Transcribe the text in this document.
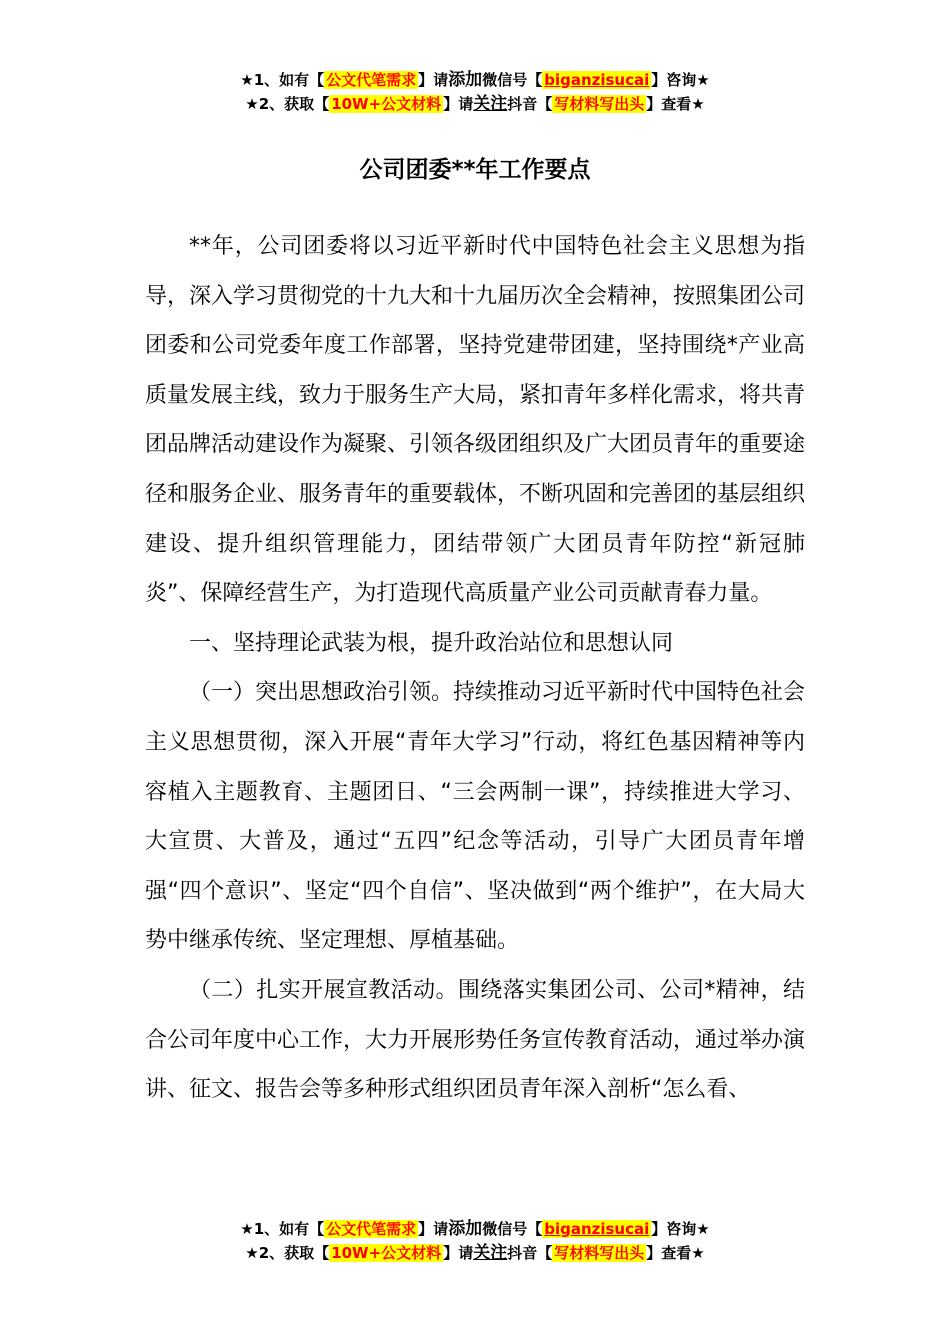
★1、如有【 公文代笔需求 】请添加微信号【 biganzisucai 】咨询★
★2、获取【 10W+公文材料 】请关注抖音【 写材料写出头 】查看★
公司团委**年工作要点

**年，公司团委将以习近平新时代中国特色社会主义思想为指导，深入学习贯彻党的十九大和十九届历次全会精神，按照集团公司团委和公司党委年度工作部署，坚持党建带团建，坚持围绕*产业高质量发展主线，致力于服务生产大局，紧扣青年多样化需求，将共青团品牌活动建设作为凝聚、引领各级团组织及广大团员青年的重要途径和服务企业、服务青年的重要载体，不断巩固和完善团的基层组织建设、提升组织管理能力，团结带领广大团员青年防控“新冠肺炎”、保障经营生产，为打造现代高质量产业公司贡献青春力量。

一、坚持理论武装为根，提升政治站位和思想认同

（一）突出思想政治引领。持续推动习近平新时代中国特色社会主义思想贯彻，深入开展“青年大学习”行动，将红色基因精神等内容植入主题教育、主题团日、“三会两制一课”，持续推进大学习、大宣贯、大普及，通过“五四”纪念等活动，引导广大团员青年增强“四个意识”、坚定“四个自信”、坚决做到“两个维护”，在大局大势中继承传统、坚定理想、厚植基础。

（二）扎实开展宣教活动。围绕落实集团公司、公司*精神，结合公司年度中心工作，大力开展形势任务宣传教育活动，通过举办演讲、征文、报告会等多种形式组织团员青年深入剖析“怎么看、

★1、如有【 公文代笔需求 】请添加微信号【 biganzisucai 】咨询★
★2、获取【 10W+公文材料 】请关注抖音【 写材料写出头 】查看★
